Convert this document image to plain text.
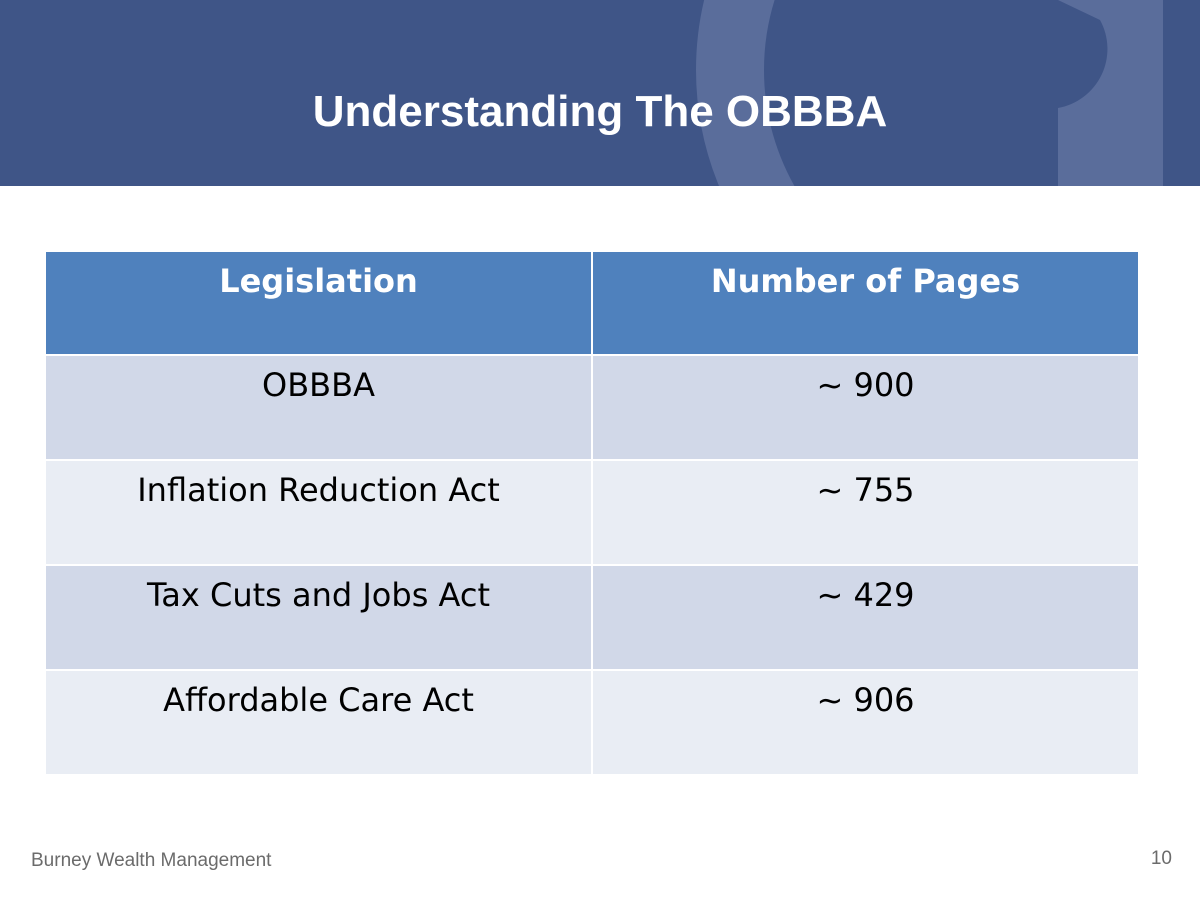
Understanding The OBBBA
Legislation	Number of Pages
OBBBA	~ 900
Inflation Reduction Act	~ 755
Tax Cuts and Jobs Act	~ 429
Affordable Care Act	~ 906
Burney Wealth Management	10
